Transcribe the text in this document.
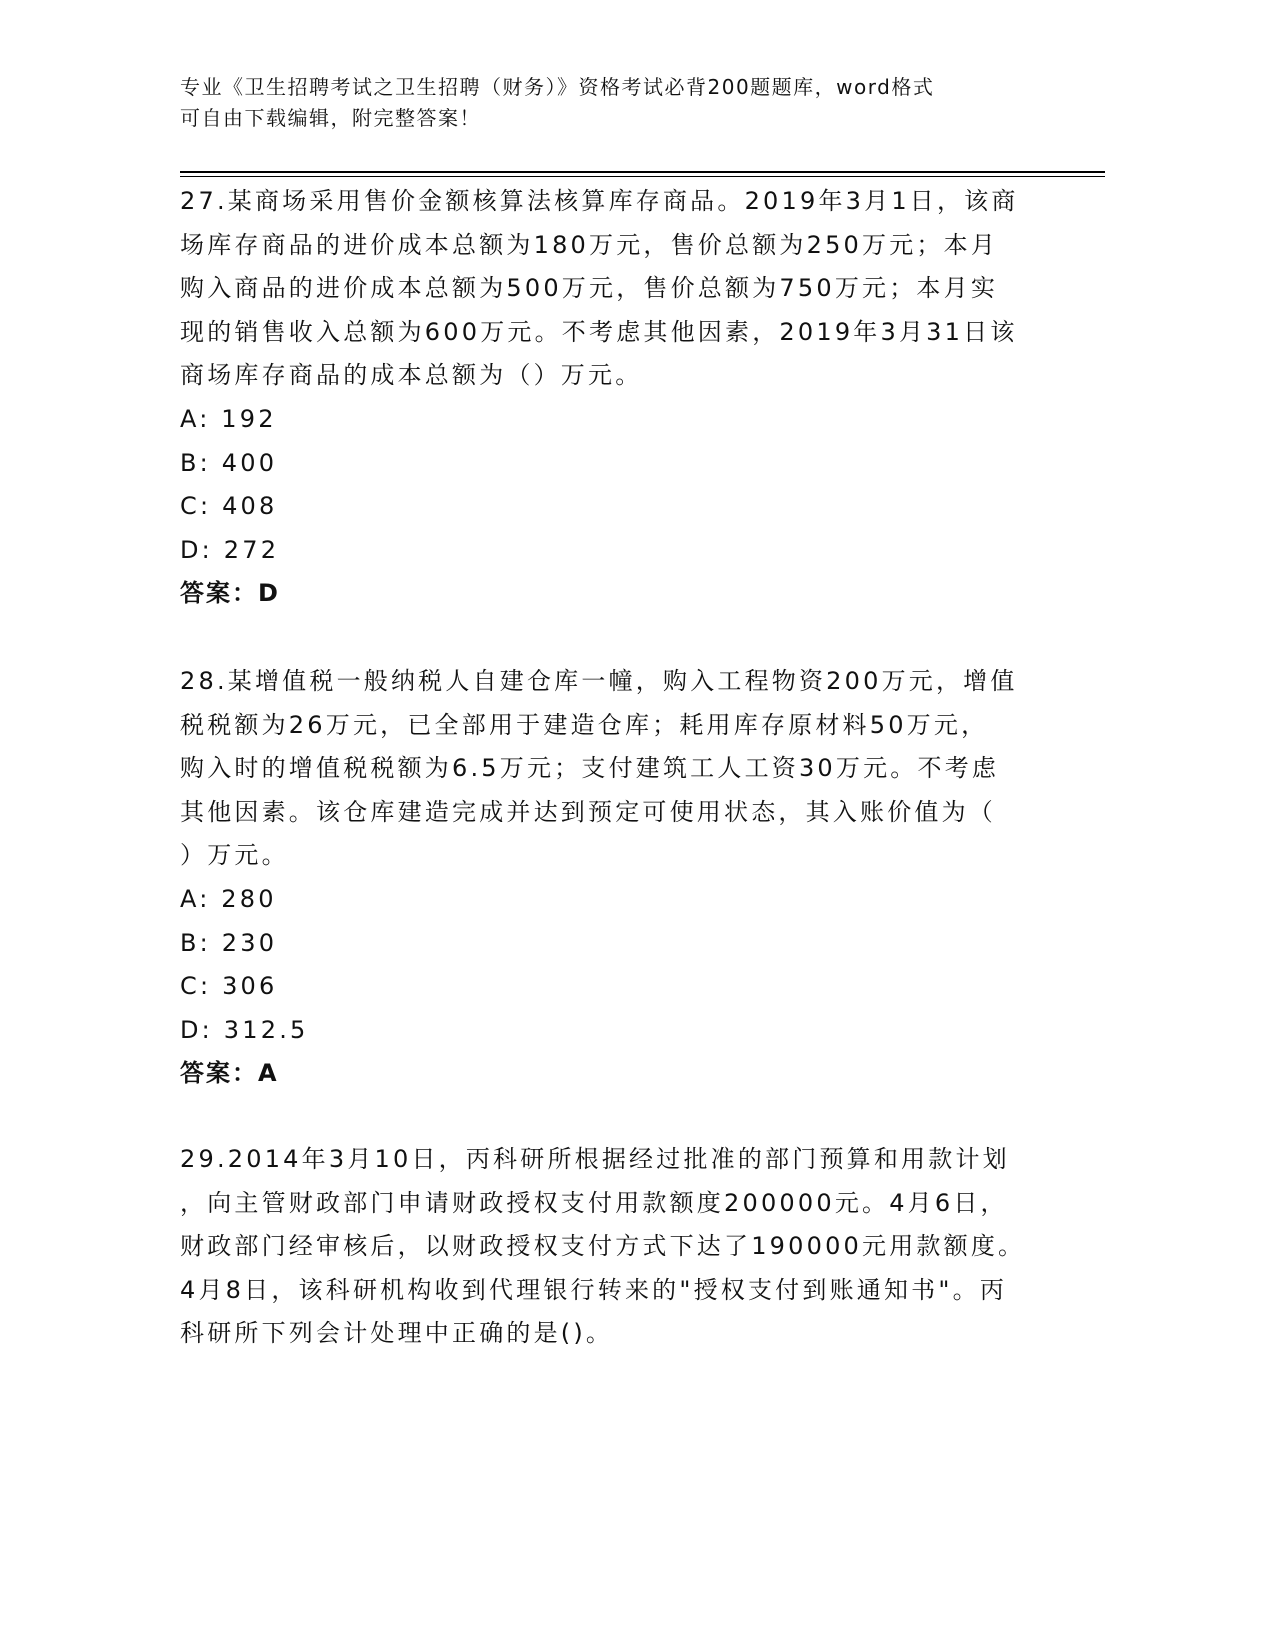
专业《卫生招聘考试之卫生招聘（财务）》资格考试必背200题题库，word格式
可自由下载编辑，附完整答案！
27.某商场采用售价金额核算法核算库存商品。2019年3月1日，该商
场库存商品的进价成本总额为180万元，售价总额为250万元；本月
购入商品的进价成本总额为500万元，售价总额为750万元；本月实
现的销售收入总额为600万元。不考虑其他因素，2019年3月31日该
商场库存商品的成本总额为（）万元。
A: 192
B: 400
C: 408
D: 272
答案：D
28.某增值税一般纳税人自建仓库一幢，购入工程物资200万元，增值
税税额为26万元，已全部用于建造仓库；耗用库存原材料50万元，
购入时的增值税税额为6.5万元；支付建筑工人工资30万元。不考虑
其他因素。该仓库建造完成并达到预定可使用状态，其入账价值为（
）万元。
A: 280
B: 230
C: 306
D: 312.5
答案：A
29.2014年3月10日，丙科研所根据经过批准的部门预算和用款计划
，向主管财政部门申请财政授权支付用款额度200000元。4月6日，
财政部门经审核后，以财政授权支付方式下达了190000元用款额度。
4月8日，该科研机构收到代理银行转来的"授权支付到账通知书"。丙
科研所下列会计处理中正确的是()。
